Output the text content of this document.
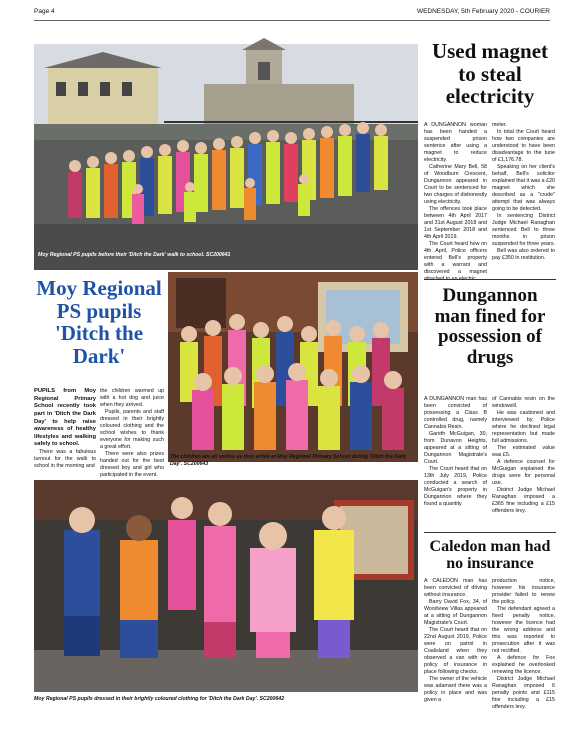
Page 4	WEDNESDAY, 5th February 2020 - COURIER
Moy Regional PS pupils before their 'Ditch the Dark' walk to school. SC200641
Used magnet to steal electricity

A DUNGANNON woman has been handed a suspended prison sentence after using a magnet to reduce electricity.

Catherine Mary Bell, 58 of Woodburn Crescent, Dungannon appeared in Court to be sentenced for two charges of dishonestly using electricity.

The offences took place between 4th April 2017 and 31st August 2018 and 1st September 2018 and 4th April 2019.

The Court heard how on 4th April, Police officers entered Bell's property with a warrant and discovered a magnet

meter.

In total the Court heard how two companies are understood to have been disadvantage to the tune of £1,176.78.

Speaking on her client's behalf, Bell's solicitor explained that it was a £20 magnet which she described as a "crude" attempt that was always going to be detected.

In sentencing District Judge Michael Ranaghan sentenced Bell to three months in prison suspended for three years.

Bell was also ordered to pay £350 in restitution.

Moy Regional PS pupils 'Ditch the Dark'

PUPILS from Moy Regional Primary School recently took part in 'Ditch the Dark Day' to help raise awareness of healthy lifestyles and walking safely to school.

There was a fabulous turnout for the walk to school in the morning and

the children warmed up with a hot dog and juice when they arrived.

Pupils, parents and staff dressed in their brightly coloured clothing and the school wishes to thank everyone for making such a great effort.

There were also prizes handed out for the best dressed boy and girl who participated in the event.

The children are all smiles as they arrive at Moy Regional Primary School during 'Ditch the Dark Day'. SC200643
Dungannon man fined for possession of drugs

A DUNGANNON man has been convicted of possessing a Class B controlled drug, namely Cannabis Resin.

Gareth McGuigan, 30, from Dunavon Heights, appeared at a sitting of Dungannon Magistrate's Court.

The Court heard that on 13th July 2019, Police conducted a search of McGuigan's property in Dungannon where they found a quantity

of Cannabis resin on the windowsill.

He was cautioned and interviewed by Police where he declined legal representation but made full admissions.

The estimated value was £5.

A defence counsel for McGuigan explained the drugs were for personal use.

District Judge Michael Ranaghan imposed a £365 fine including a £15 offenders levy.

Moy Regional PS pupils dressed in their brightly coloured clothing for 'Ditch the Dark Day'. SC200642
Caledon man had no insurance

A CALEDON man has been convicted of driving without insurance.

Barry David Fox, 34, of Woodview Villas appeared at a sitting of Dungannon Magistrate's Court.

The Court heard that on 22nd August 2019, Police were on patrol in Coalisland when they observed a van with no policy of insurance in place following checks.

The owner of the vehicle was adamant there was a policy in place and was given a

production notice, however his insurance provider failed to renew the policy.

The defendant agreed a fixed penalty notice, however the licence had the wrong address and this was reported to prosecution after it was not rectified.

A defence for Fox explained he overlooked renewing the licence.

District Judge Michael Ranaghan imposed 6 penalty points and £115 fine including a £15 offenders levy.
